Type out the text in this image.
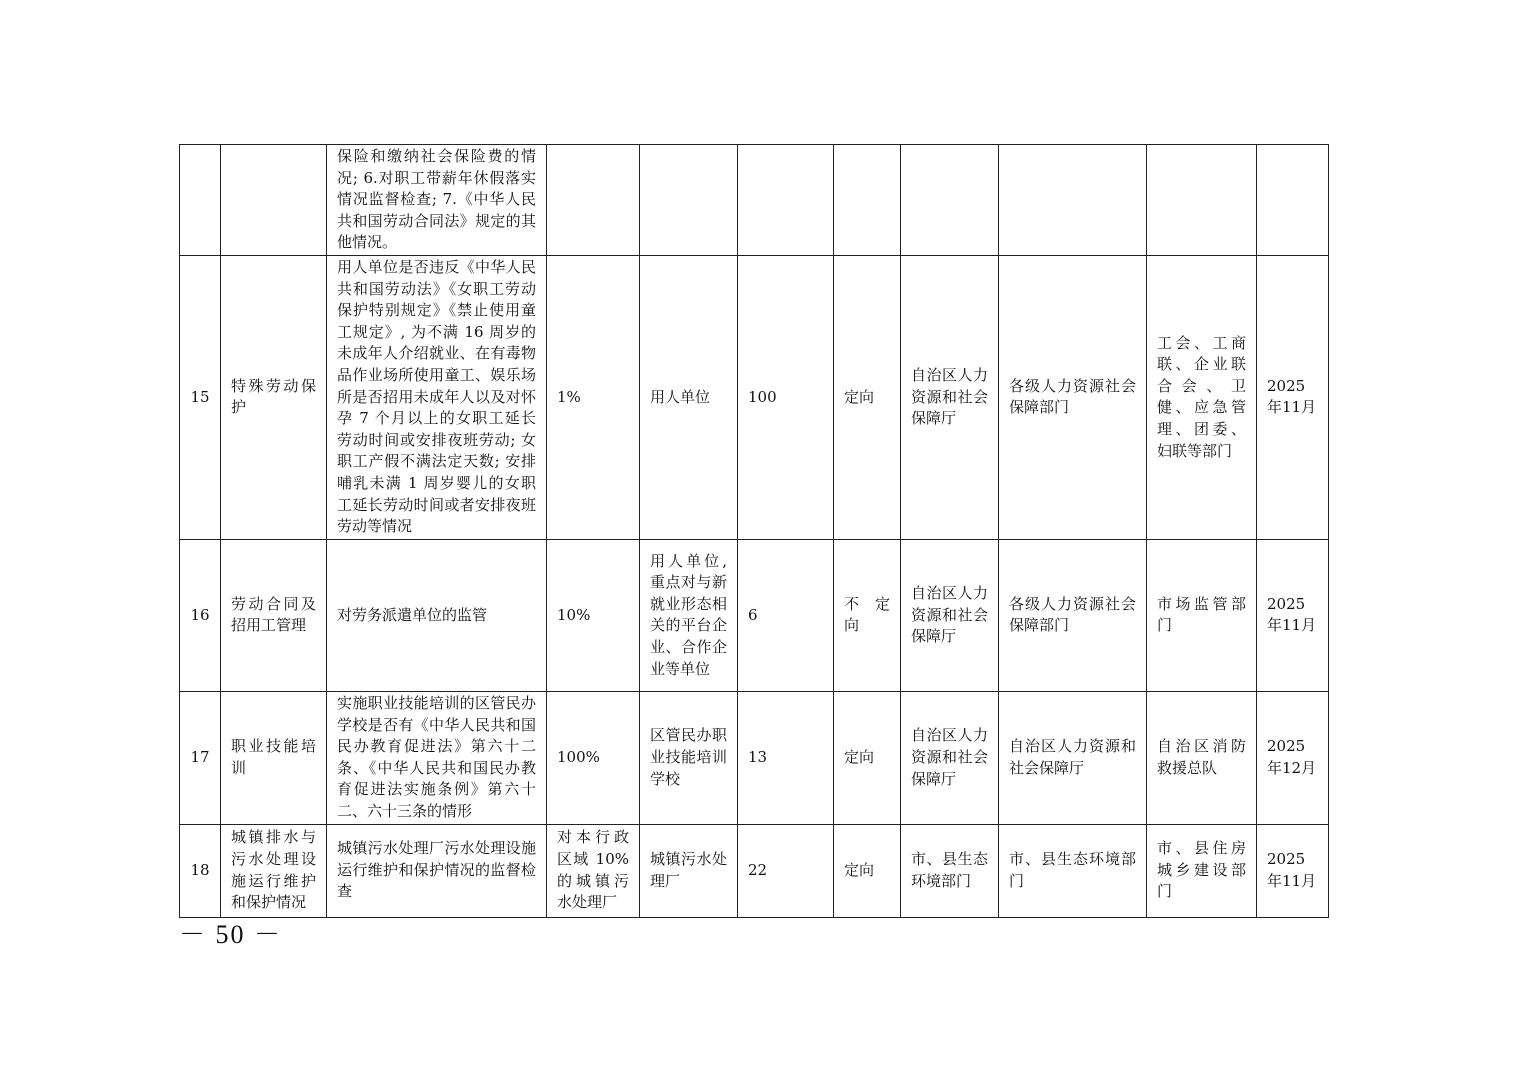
		保险和缴纳社会保险费的情况; 6.对职工带薪年休假落实情况监督检查; 7.《中华人民共和国劳动合同法》规定的其他情况。								
15	特殊劳动保护	用人单位是否违反《中华人民共和国劳动法》《女职工劳动保护特别规定》《禁止使用童工规定》, 为不满 16 周岁的未成年人介绍就业、在有毒物品作业场所使用童工、娱乐场所是否招用未成年人以及对怀孕 7 个月以上的女职工延长劳动时间或安排夜班劳动; 女职工产假不满法定天数; 安排哺乳未满 1 周岁婴儿的女职工延长劳动时间或者安排夜班劳动等情况	1%	用人单位	100	定向	自治区人力资源和社会保障厅	各级人力资源社会保障部门	工会、工商联、企业联合会、卫健、应急管理、团委、妇联等部门	2025年11月
16	劳动合同及招用工管理	对劳务派遣单位的监管	10%	用人单位, 重点对与新就业形态相关的平台企业、合作企业等单位	6	不 定向	自治区人力资源和社会保障厅	各级人力资源社会保障部门	市场监管部门	2025年11月
17	职业技能培训	实施职业技能培训的区管民办学校是否有《中华人民共和国民办教育促进法》第六十二条、《中华人民共和国民办教育促进法实施条例》第六十二、六十三条的情形	100%	区管民办职业技能培训学校	13	定向	自治区人力资源和社会保障厅	自治区人力资源和社会保障厅	自治区消防救援总队	2025年12月
18	城镇排水与污水处理设施运行维护和保护情况	城镇污水处理厂污水处理设施运行维护和保护情况的监督检查	对本行政区域 10% 的城镇污水处理厂	城镇污水处理厂	22	定向	市、县生态环境部门	市、县生态环境部门	市、县住房城乡建设部门	2025年11月
－ 50 －
